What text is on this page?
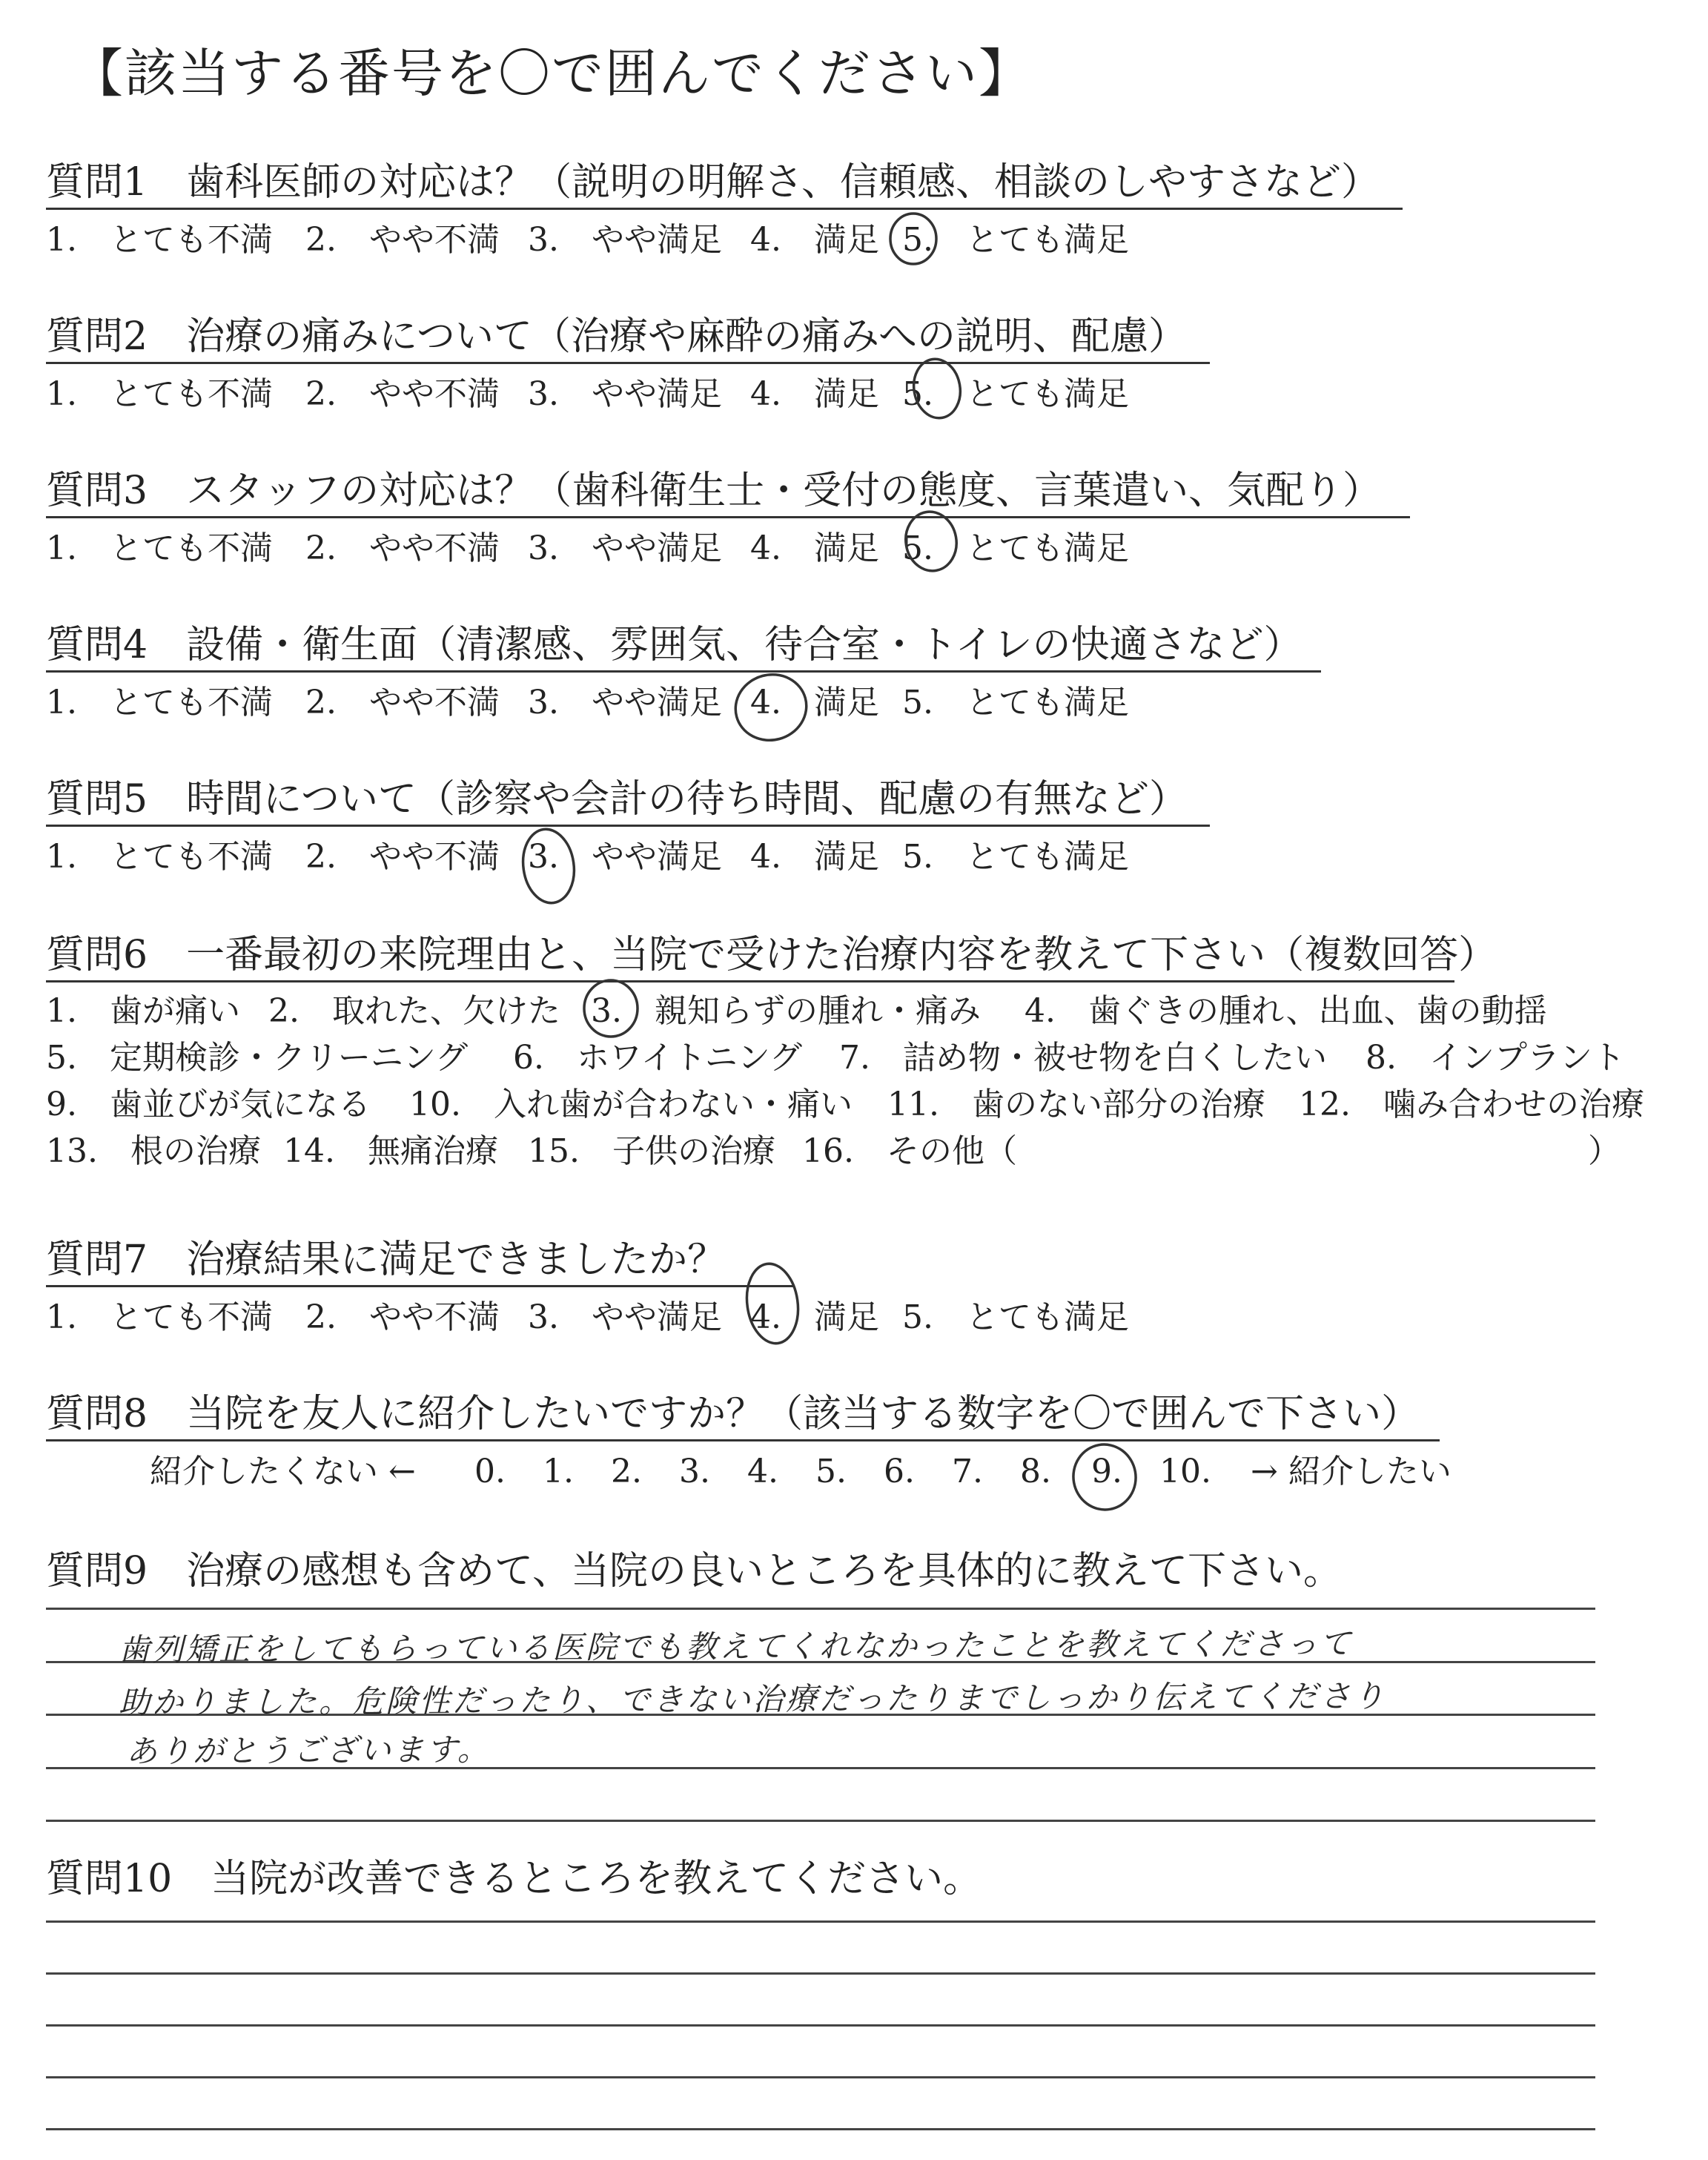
【該当する番号を〇で囲んでください】
質問1　歯科医師の対応は？（説明の明解さ、信頼感、相談のしやすさなど）
1.　とても不満 2.　やや不満 3.　やや満足 4.　満足 5.　とても満足
質問2　治療の痛みについて（治療や麻酔の痛みへの説明、配慮）
1.　とても不満 2.　やや不満 3.　やや満足 4.　満足 5.　とても満足
質問3　スタッフの対応は？（歯科衛生士・受付の態度、言葉遣い、気配り）
1.　とても不満 2.　やや不満 3.　やや満足 4.　満足 5.　とても満足
質問4　設備・衛生面（清潔感、雰囲気、待合室・トイレの快適さなど）
1.　とても不満 2.　やや不満 3.　やや満足 4.　満足 5.　とても満足
質問5　時間について（診察や会計の待ち時間、配慮の有無など）
1.　とても不満 2.　やや不満 3.　やや満足 4.　満足 5.　とても満足
質問6　一番最初の来院理由と、当院で受けた治療内容を教えて下さい（複数回答）
1.　歯が痛い 2.　取れた、欠けた 3.　親知らずの腫れ・痛み 4.　歯ぐきの腫れ、出血、歯の動揺
5.　定期検診・クリーニング 6.　ホワイトニング 7.　詰め物・被せ物を白くしたい 8.　インプラント
9.　歯並びが気になる 10.　入れ歯が合わない・痛い 11.　歯のない部分の治療 12.　噛み合わせの治療
13.　根の治療 14.　無痛治療 15.　子供の治療 16.　その他（	）
質問7　治療結果に満足できましたか？
1.　とても不満 2.　やや不満 3.　やや満足 4.　満足 5.　とても満足
質問8　当院を友人に紹介したいですか？（該当する数字を〇で囲んで下さい）
紹介したくない ← 0. 1. 2. 3. 4. 5. 6. 7. 8. 9. 10. → 紹介したい
質問9　治療の感想も含めて、当院の良いところを具体的に教えて下さい。
歯列矯正をしてもらっている医院でも教えてくれなかったことを教えてくださって
助かりました。危険性だったり、できない治療だったりまでしっかり伝えてくださり
ありがとうございます。
質問10　当院が改善できるところを教えてください。
